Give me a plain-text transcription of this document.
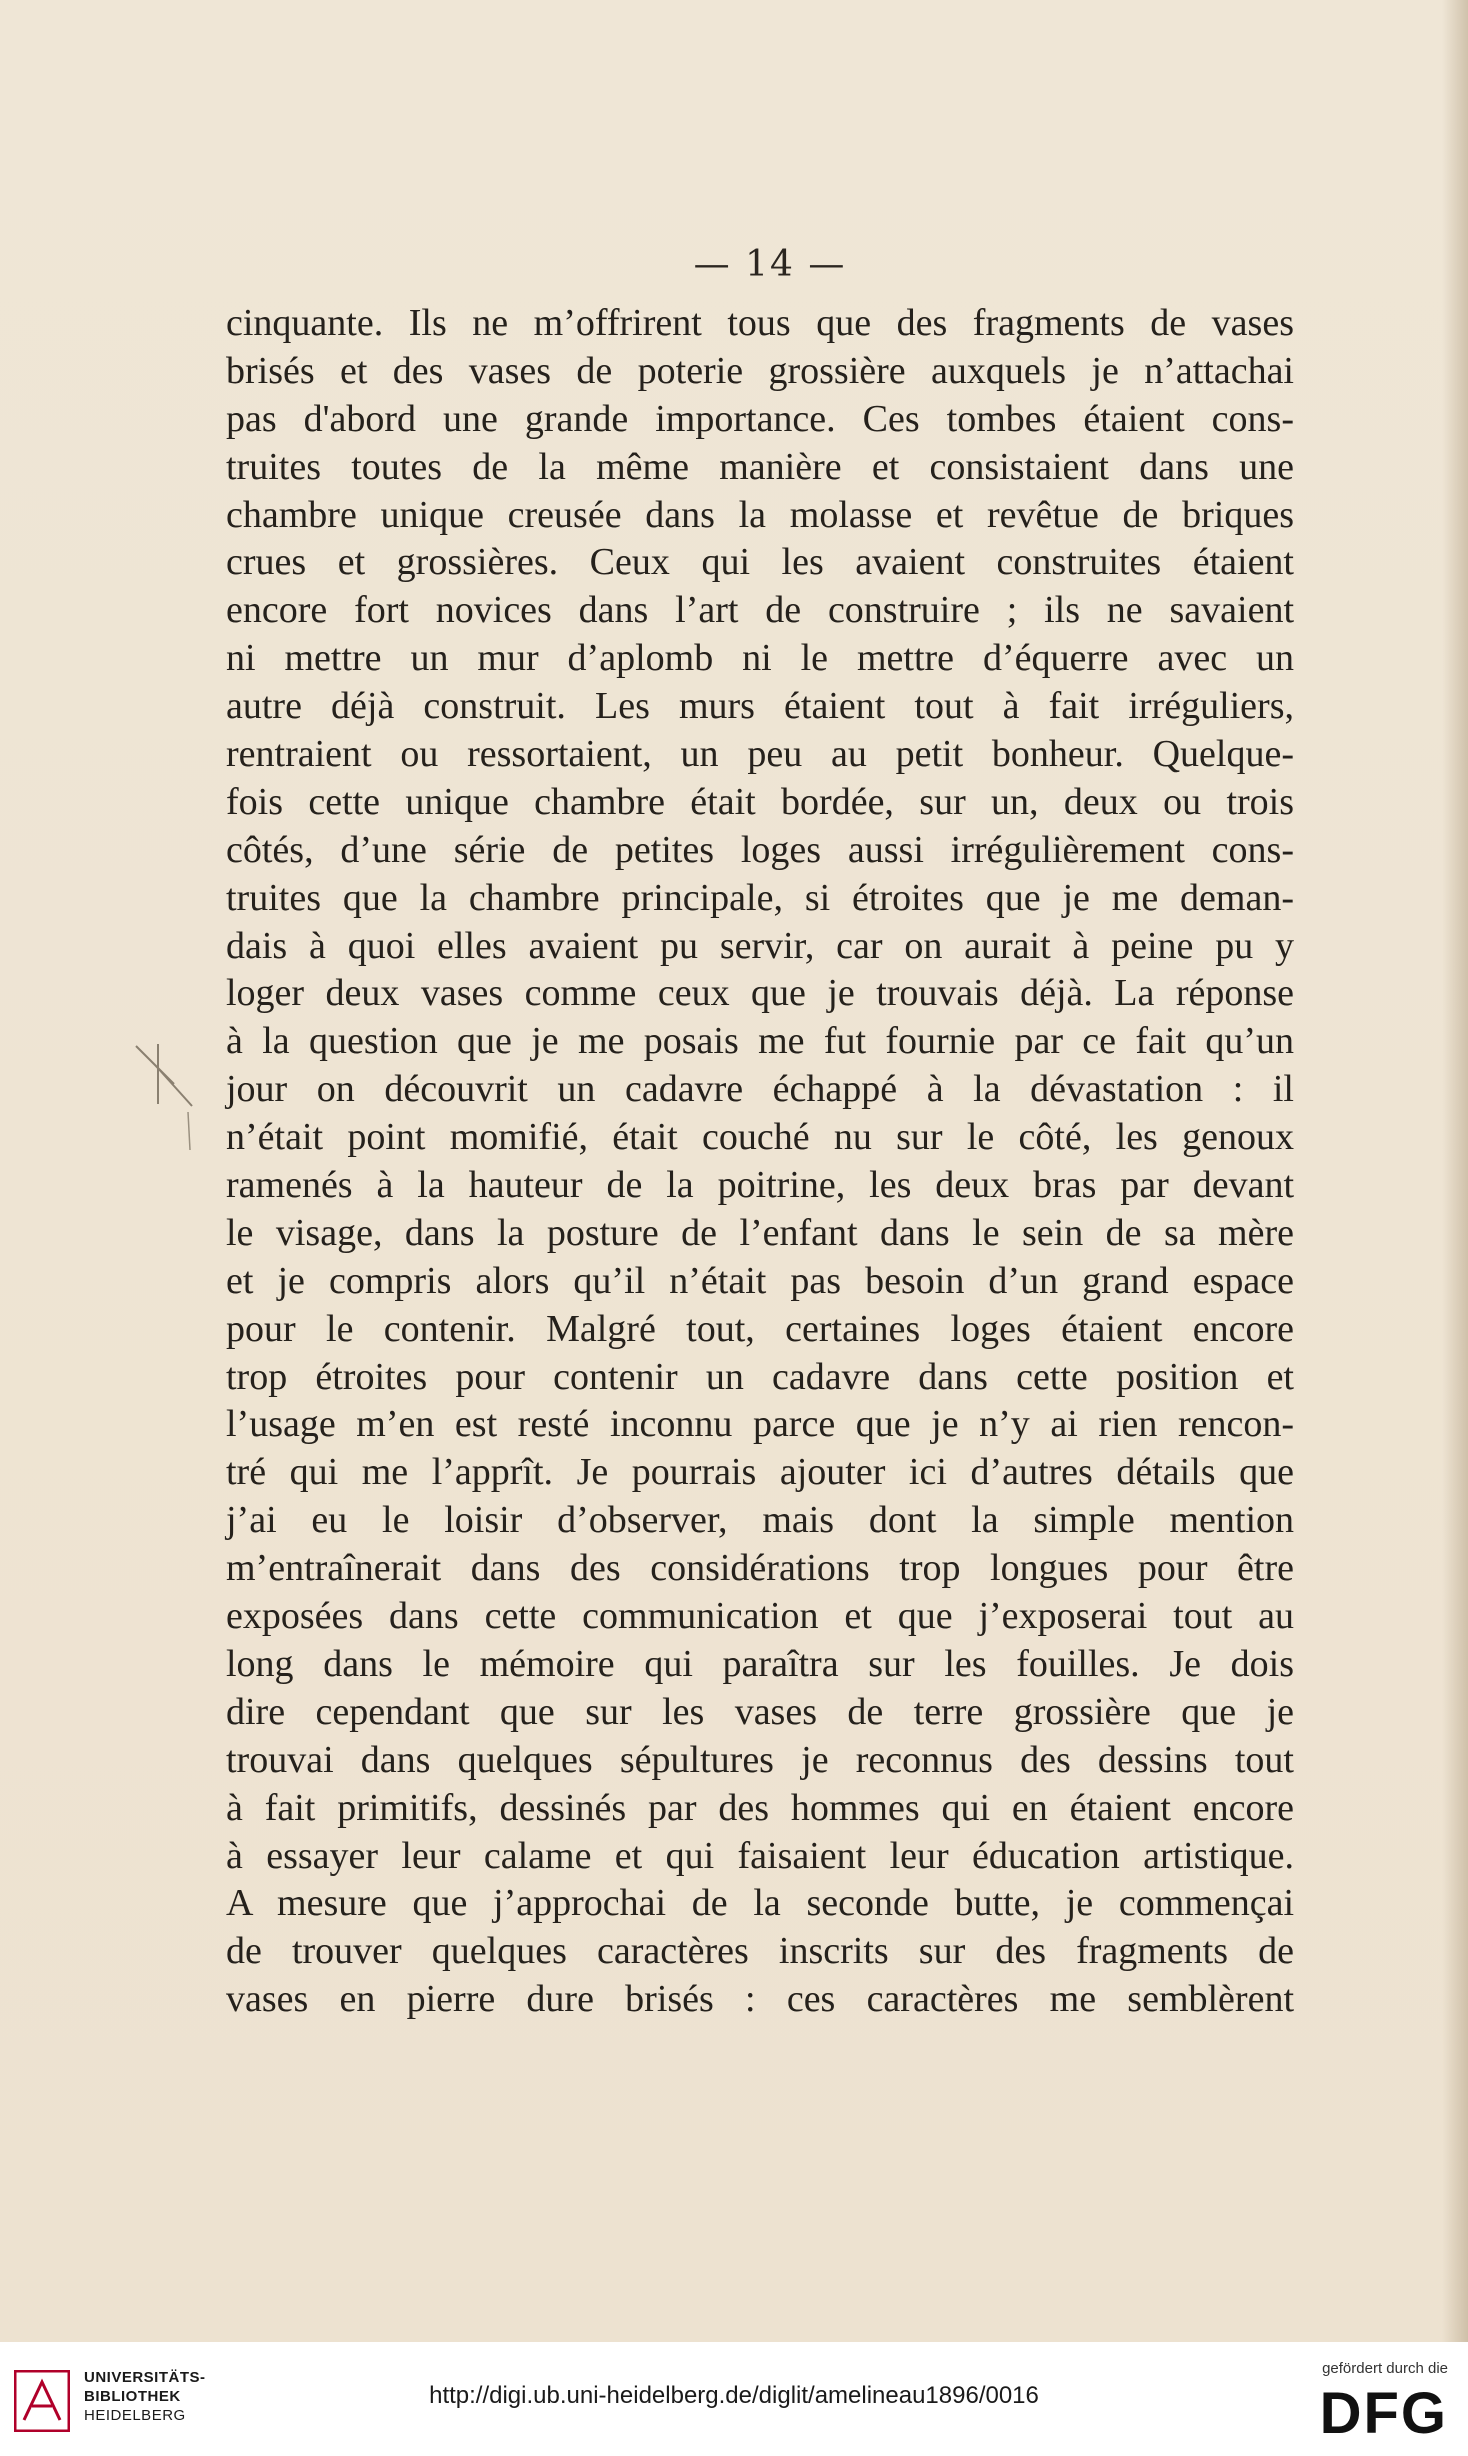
— 14 —
cinquante. Ils ne m’offrirent tous que des fragments de vases
brisés et des vases de poterie grossière auxquels je n’attachai
pas d'abord une grande importance. Ces tombes étaient cons-
truites toutes de la même manière et consistaient dans une
chambre unique creusée dans la molasse et revêtue de briques
crues et grossières. Ceux qui les avaient construites étaient
encore fort novices dans l’art de construire ; ils ne savaient
ni mettre un mur d’aplomb ni le mettre d’équerre avec un
autre déjà construit. Les murs étaient tout à fait irréguliers,
rentraient ou ressortaient, un peu au petit bonheur. Quelque-
fois cette unique chambre était bordée, sur un, deux ou trois
côtés, d’une série de petites loges aussi irrégulièrement cons-
truites que la chambre principale, si étroites que je me deman-
dais à quoi elles avaient pu servir, car on aurait à peine pu y
loger deux vases comme ceux que je trouvais déjà. La réponse
à la question que je me posais me fut fournie par ce fait qu’un
jour on découvrit un cadavre échappé à la dévastation : il
n’était point momifié, était couché nu sur le côté, les genoux
ramenés à la hauteur de la poitrine, les deux bras par devant
le visage, dans la posture de l’enfant dans le sein de sa mère
et je compris alors qu’il n’était pas besoin d’un grand espace
pour le contenir. Malgré tout, certaines loges étaient encore
trop étroites pour contenir un cadavre dans cette position et
l’usage m’en est resté inconnu parce que je n’y ai rien rencon-
tré qui me l’apprît. Je pourrais ajouter ici d’autres détails que
j’ai eu le loisir d’observer, mais dont la simple mention
m’entraînerait dans des considérations trop longues pour être
exposées dans cette communication et que j’exposerai tout au
long dans le mémoire qui paraîtra sur les fouilles. Je dois
dire cependant que sur les vases de terre grossière que je
trouvai dans quelques sépultures je reconnus des dessins tout
à fait primitifs, dessinés par des hommes qui en étaient encore
à essayer leur calame et qui faisaient leur éducation artistique.
A mesure que j’approchai de la seconde butte, je commençai
de trouver quelques caractères inscrits sur des fragments de
vases en pierre dure brisés : ces caractères me semblèrent
UNIVERSITÄTS-
BIBLIOTHEK
HEIDELBERG
http://digi.ub.uni-heidelberg.de/diglit/amelineau1896/0016
gefördert durch die
DFG
